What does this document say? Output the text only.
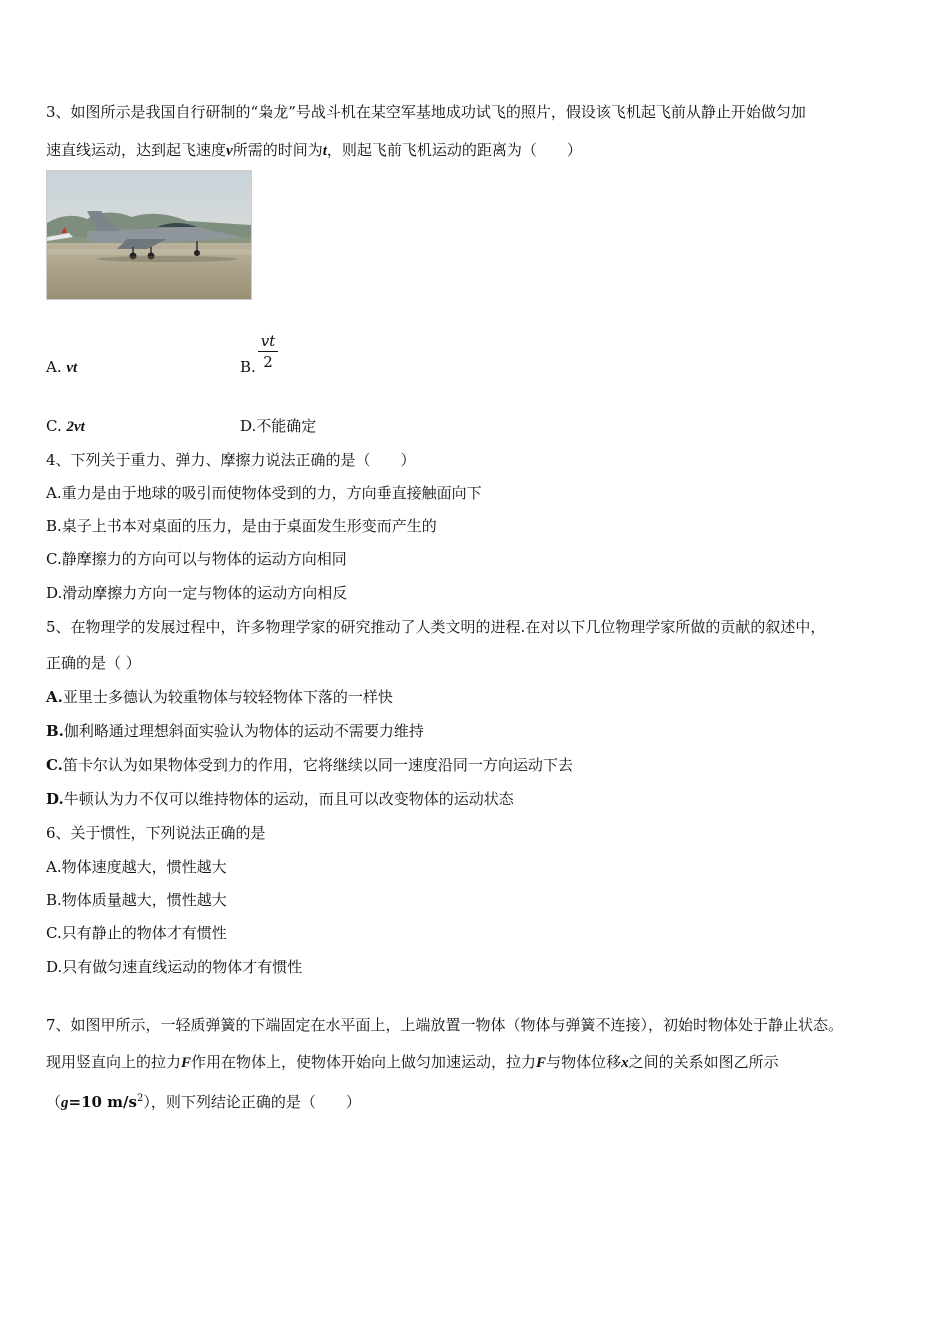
3、如图所示是我国自行研制的“枭龙”号战斗机在某空军基地成功试飞的照片，假设该飞机起飞前从静止开始做匀加
速直线运动，达到起飞速度v所需的时间为t，则起飞前飞机运动的距离为（　　）
A. vt	B.
vt
2
C. 2vt	D.不能确定
4、下列关于重力、弹力、摩擦力说法正确的是（　　）
A.重力是由于地球的吸引而使物体受到的力，方向垂直接触面向下
B.桌子上书本对桌面的压力，是由于桌面发生形变而产生的
C.静摩擦力的方向可以与物体的运动方向相同
D.滑动摩擦力方向一定与物体的运动方向相反
5、在物理学的发展过程中，许多物理学家的研究推动了人类文明的进程.在对以下几位物理学家所做的贡献的叙述中，
正确的是（ ）
A.亚里士多德认为较重物体与较轻物体下落的一样快
B.伽利略通过理想斜面实验认为物体的运动不需要力维持
C.笛卡尔认为如果物体受到力的作用，它将继续以同一速度沿同一方向运动下去
D.牛顿认为力不仅可以维持物体的运动，而且可以改变物体的运动状态
6、关于惯性，下列说法正确的是
A.物体速度越大，惯性越大
B.物体质量越大，惯性越大
C.只有静止的物体才有惯性
D.只有做匀速直线运动的物体才有惯性
7、如图甲所示，一轻质弹簧的下端固定在水平面上，上端放置一物体（物体与弹簧不连接），初始时物体处于静止状态。
现用竖直向上的拉力F作用在物体上，使物体开始向上做匀加速运动，拉力F与物体位移x之间的关系如图乙所示
（g=10 $m/s^2$），则下列结论正确的是（　　）
